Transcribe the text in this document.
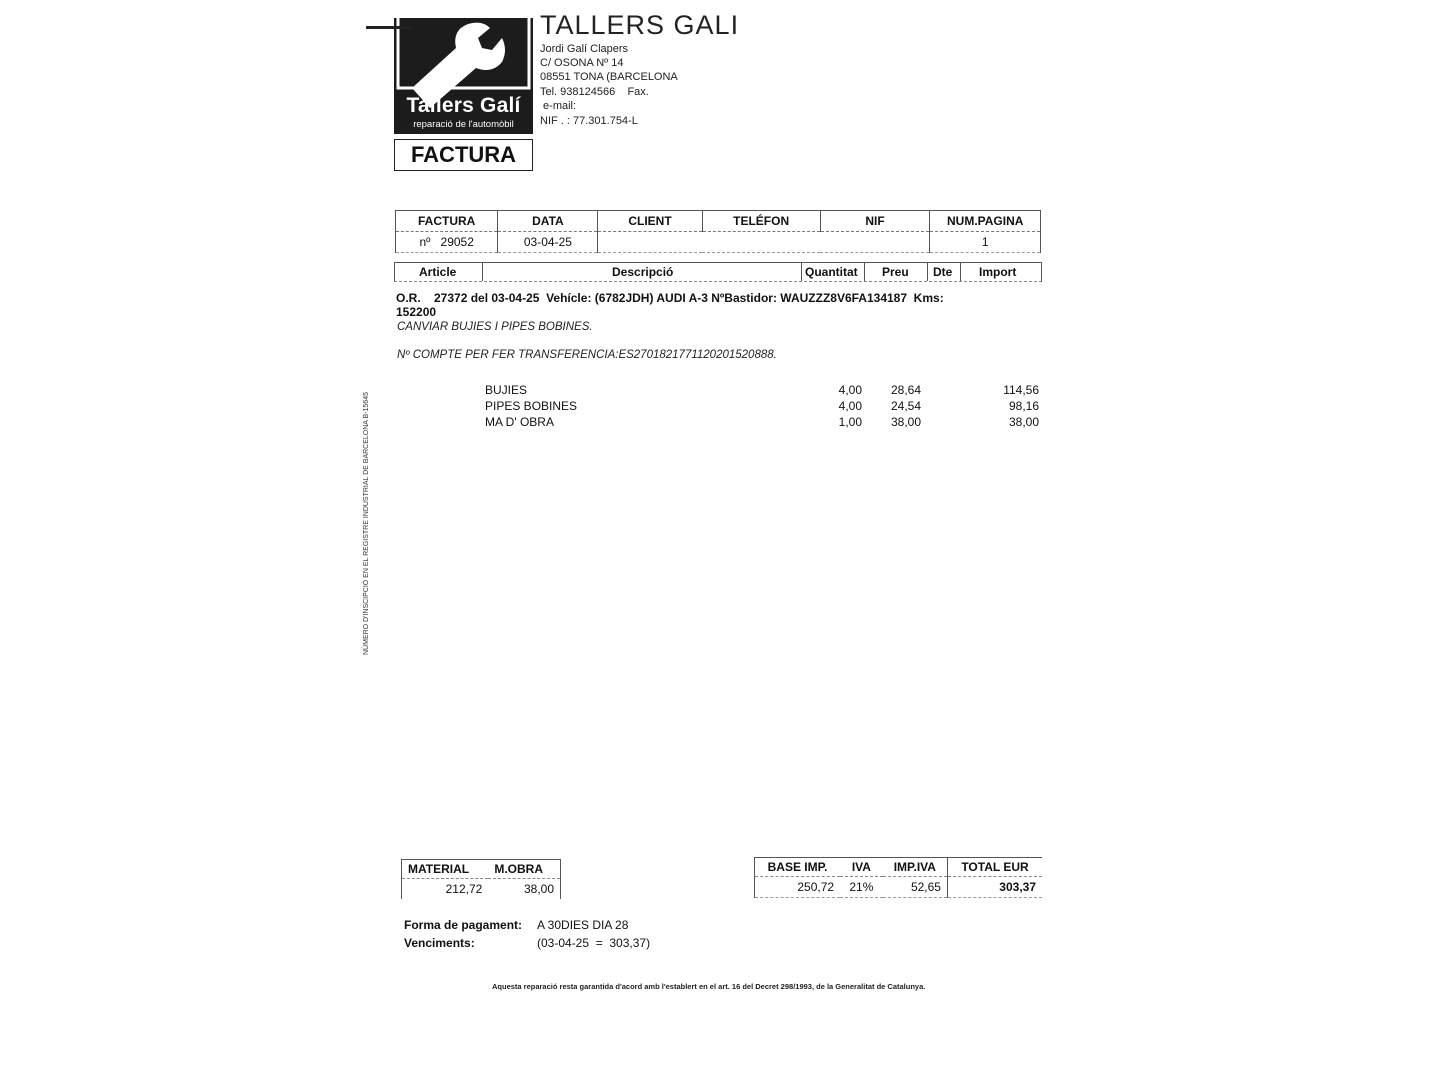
Tallers Galí
reparació de l'automòbil
FACTURA
TALLERS GALI
Jordi Galí Clapers
C/ OSONA Nº 14
08551 TONA (BARCELONA
Tel. 938124566    Fax.
e-mail:
NIF . : 77.301.754-L
FACTURA	DATA	CLIENT	TELÉFON	NIF	NUM.PAGINA
nº 29052	03-04-25				1
Article	Descripció	Quantitat Preu Dte Import
O.R.    27372 del 03-04-25  Vehícle: (6782JDH) AUDI A-3 NºBastidor: WAUZZZ8V6FA134187  Kms:
152200
CANVIAR BUJIES I PIPES BOBINES.
Nº COMPTE PER FER TRANSFERENCIA:ES2701821771120201520888.
BUJIES	4,00	28,64	114,56
PIPES BOBINES	4,00	24,54	98,16
MA D' OBRA	1,00	38,00	38,00
NÚMERO D'INSCIPCIÓ EN EL REGISTRE INDUSTRIAL DE BARCELONA B-15645
MATERIAL	M.OBRA
212,72	38,00
BASE IMP.	IVA	IMP.IVA	TOTAL EUR
250,72	21%	52,65	303,37
Forma de pagament: A 30DIES DIA 28
Venciments:	(03-04-25  =  303,37)
Aquesta reparació resta garantida d'acord amb l'establert en el art. 16 del Decret 298/1993, de la Generalitat de Catalunya.
